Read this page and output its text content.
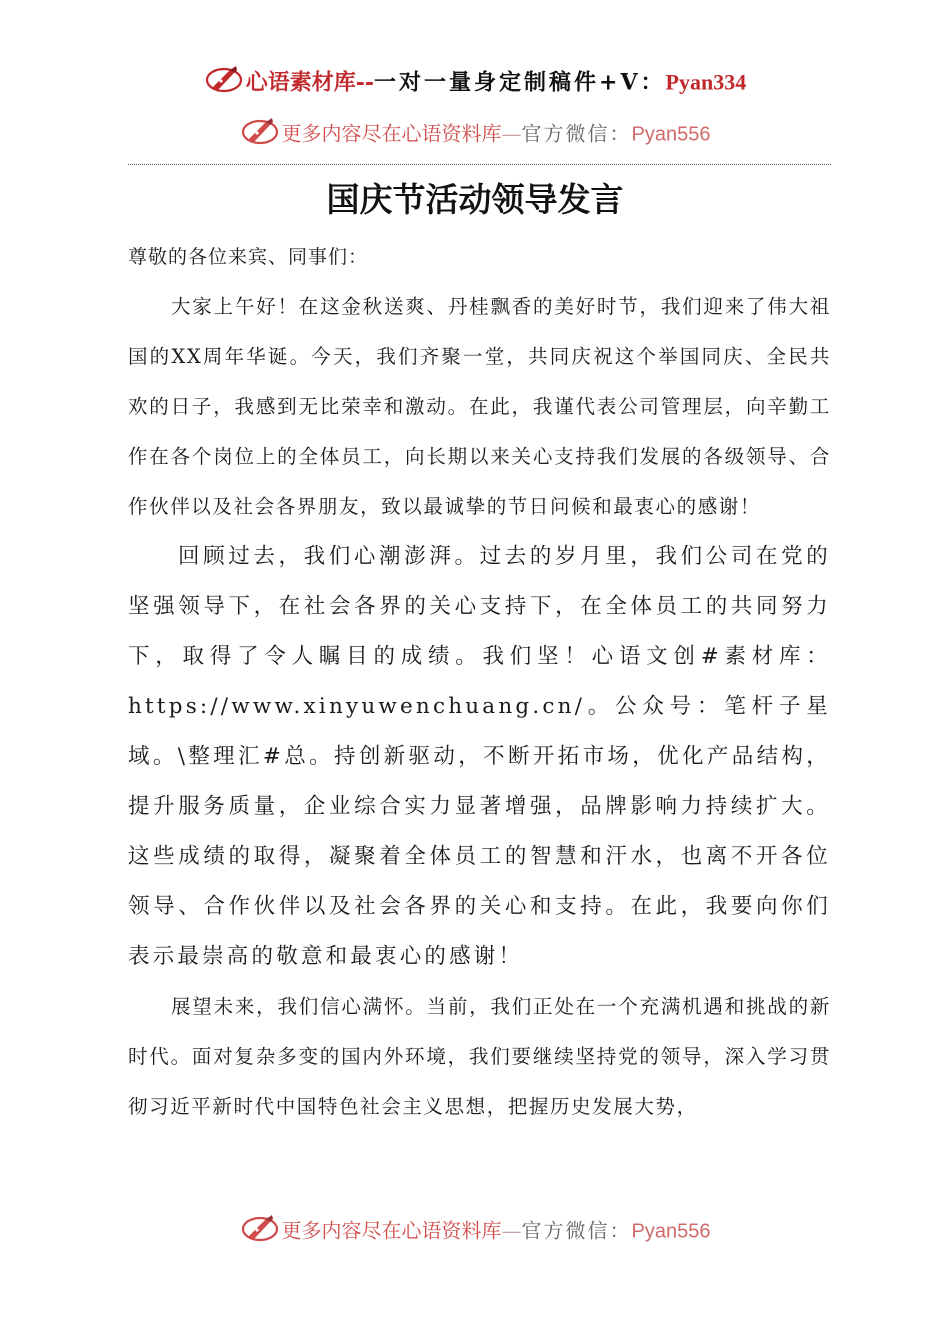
心语素材库--一对一量身定制稿件+V：Pyan334
更多内容尽在心语资料库—官方微信：Pyan556
国庆节活动领导发言

尊敬的各位来宾、同事们：

大家上午好！在这金秋送爽、丹桂飘香的美好时节，我们迎来了伟大祖国的XX周年华诞。今天，我们齐聚一堂，共同庆祝这个举国同庆、全民共欢的日子，我感到无比荣幸和激动。在此，我谨代表公司管理层，向辛勤工作在各个岗位上的全体员工，向长期以来关心支持我们发展的各级领导、合作伙伴以及社会各界朋友，致以最诚挚的节日问候和最衷心的感谢！

回顾过去，我们心潮澎湃。过去的岁月里，我们公司在党的坚强领导下，在社会各界的关心支持下，在全体员工的共同努力下，取得了令人瞩目的成绩。我们坚！心语文创#素材库：https://www.xinyuwenchuang.cn/。公众号：笔杆子星域。\整理汇#总。持创新驱动，不断开拓市场，优化产品结构，提升服务质量，企业综合实力显著增强，品牌影响力持续扩大。这些成绩的取得，凝聚着全体员工的智慧和汗水，也离不开各位领导、合作伙伴以及社会各界的关心和支持。在此，我要向你们表示最崇高的敬意和最衷心的感谢！

展望未来，我们信心满怀。当前，我们正处在一个充满机遇和挑战的新时代。面对复杂多变的国内外环境，我们要继续坚持党的领导，深入学习贯彻习近平新时代中国特色社会主义思想，把握历史发展大势，

更多内容尽在心语资料库—官方微信：Pyan556
